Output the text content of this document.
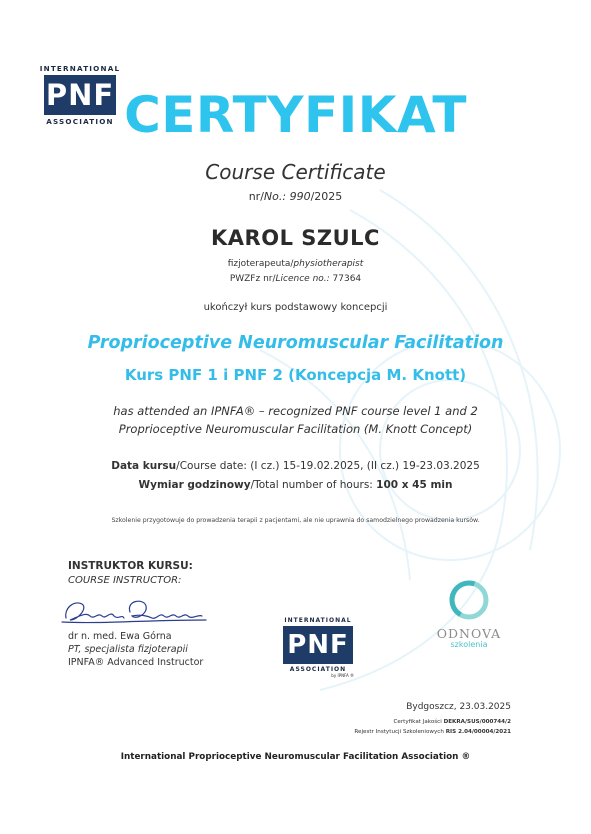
INTERNATIONAL
PNF
ASSOCIATION CERTYFIKAT
Course Certificate
nr/No.: 990/2025
KAROL SZULC
fizjoterapeuta/physiotherapist
PWZFz nr/Licence no.: 77364
ukończył kurs podstawowy koncepcji
Proprioceptive Neuromuscular Facilitation
Kurs PNF 1 i PNF 2 (Koncepcja M. Knott)
has attended an IPNFA® – recognized PNF course level 1 and 2
Proprioceptive Neuromuscular Facilitation (M. Knott Concept)
Data kursu/Course date: (I cz.) 15-19.02.2025, (II cz.) 19-23.03.2025
Wymiar godzinowy/Total number of hours: 100 x 45 min
Szkolenie przygotowuje do prowadzenia terapii z pacjentami, ale nie uprawnia do samodzielnego prowadzenia kursów.
INSTRUKTOR KURSU:
COURSE INSTRUCTOR:
dr n. med. Ewa Górna
PT, specjalista fizjoterapii
IPNFA® Advanced Instructor
INTERNATIONAL
PNF
ASSOCIATION
by IPNFA ®
ODNOVA
szkolenia
Bydgoszcz, 23.03.2025
Certyfikat Jakości DEKRA/SUS/000744/2
Rejestr Instytucji Szkoleniowych RIS 2.04/00004/2021
International Proprioceptive Neuromuscular Facilitation Association ®
